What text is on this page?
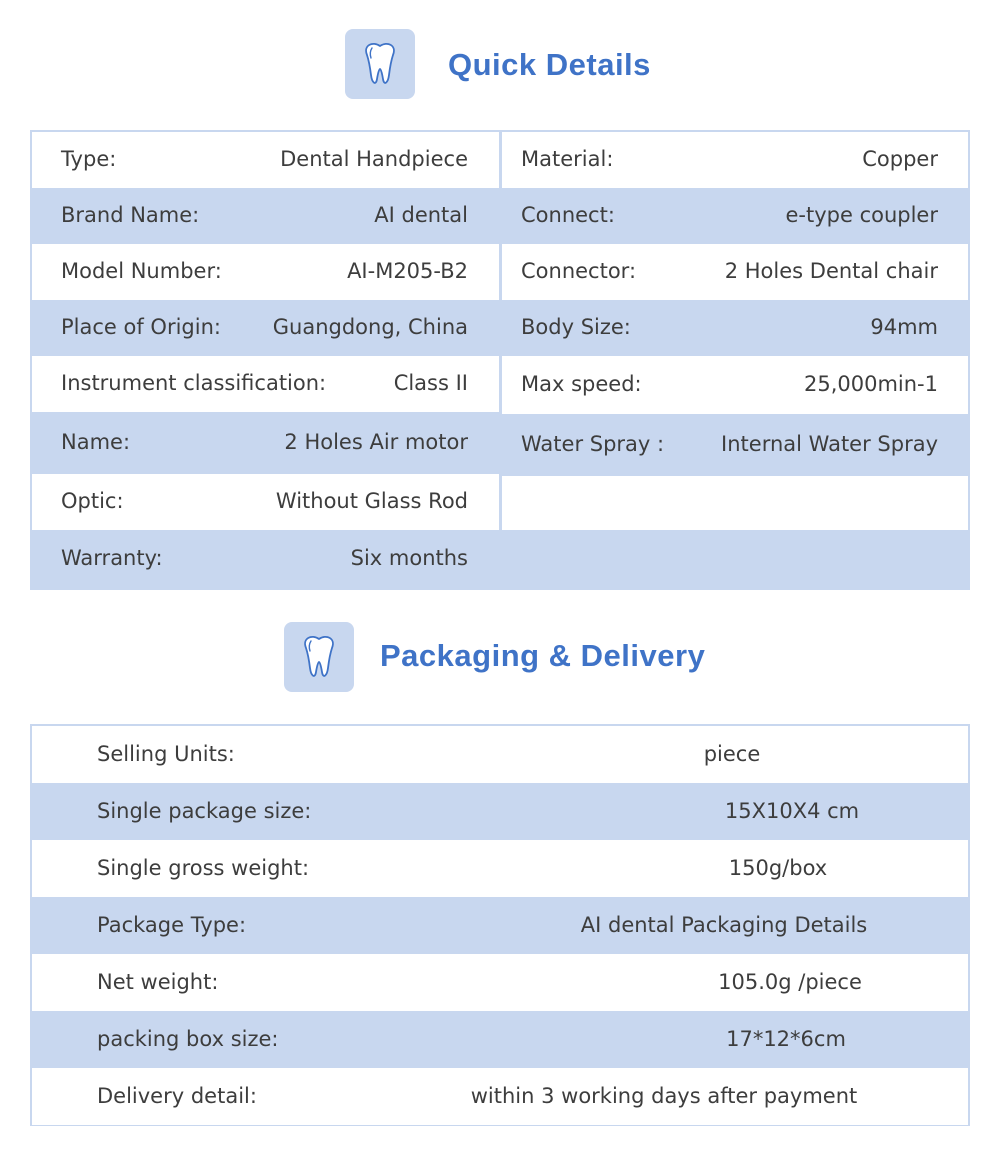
Quick Details
Type:	Dental Handpiece
Brand Name:	AI dental
Model Number:	AI-M205-B2
Place of Origin: Guangdong, China
Instrument classification:	Class II
Name:	2 Holes Air motor
Optic:	Without Glass Rod
Warranty:	Six months
Material:	Copper
Connect:	e-type coupler
Connector:	2 Holes Dental chair
Body Size:	94mm
Max speed:	25,000min-1
Water Spray :	Internal Water Spray
Packaging & Delivery
Selling Units:	piece
Single package size:	15X10X4 cm
Single gross weight:	150g/box
Package Type:	AI dental Packaging Details
Net weight:	105.0g /piece
packing box size:	17*12*6cm
Delivery detail:	within 3 working days after payment
